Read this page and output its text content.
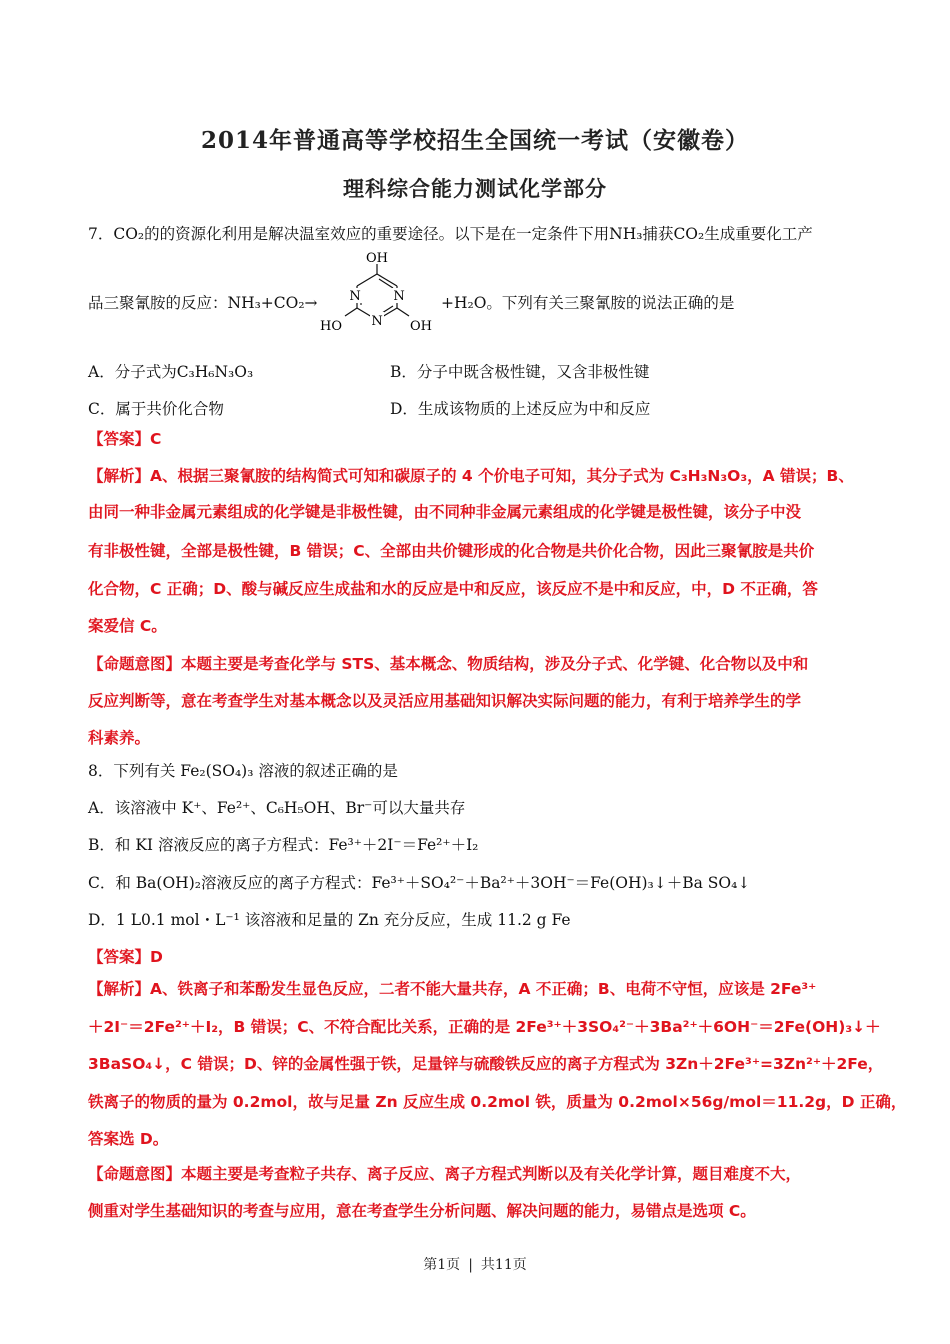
2014年普通高等学校招生全国统一考试（安徽卷）
理科综合能力测试化学部分
7．CO₂的的资源化利用是解决温室效应的重要途径。以下是在一定条件下用NH₃捕获CO₂生成重要化工产
品三聚氰胺的反应：NH₃+CO₂→ N	N
N
OH
HO	OH
+H₂O。下列有关三聚氰胺的说法正确的是
A．分子式为C₃H₆N₃O₃	B．分子中既含极性键，又含非极性键
C．属于共价化合物	D．生成该物质的上述反应为中和反应
【答案】C
【解析】A、根据三聚氰胺的结构简式可知和碳原子的 4 个价电子可知，其分子式为 C₃H₃N₃O₃，A 错误；B、
由同一种非金属元素组成的化学键是非极性键，由不同种非金属元素组成的化学键是极性键，该分子中没
有非极性键，全部是极性键，B 错误；C、全部由共价键形成的化合物是共价化合物，因此三聚氰胺是共价
化合物，C 正确；D、酸与碱反应生成盐和水的反应是中和反应，该反应不是中和反应，中，D 不正确，答
案爱信 C。
【命题意图】本题主要是考查化学与 STS、基本概念、物质结构，涉及分子式、化学键、化合物以及中和
反应判断等，意在考查学生对基本概念以及灵活应用基础知识解决实际问题的能力，有利于培养学生的学
科素养。
8．下列有关 Fe₂(SO₄)₃ 溶液的叙述正确的是
A．该溶液中 K⁺、Fe²⁺、C₆H₅OH、Br⁻可以大量共存
B．和 KI 溶液反应的离子方程式：Fe³⁺＋2I⁻＝Fe²⁺＋I₂
C．和 Ba(OH)₂溶液反应的离子方程式：Fe³⁺＋SO₄²⁻＋Ba²⁺＋3OH⁻＝Fe(OH)₃↓＋Ba SO₄↓
D．1 L0.1 mol・L⁻¹ 该溶液和足量的 Zn 充分反应，生成 11.2 g Fe
【答案】D
【解析】A、铁离子和苯酚发生显色反应，二者不能大量共存，A 不正确；B、电荷不守恒，应该是 2Fe³⁺
＋2I⁻＝2Fe²⁺＋I₂，B 错误；C、不符合配比关系，正确的是 2Fe³⁺＋3SO₄²⁻＋3Ba²⁺＋6OH⁻＝2Fe(OH)₃↓＋
3BaSO₄↓，C 错误；D、锌的金属性强于铁，足量锌与硫酸铁反应的离子方程式为 3Zn＋2Fe³⁺=3Zn²⁺＋2Fe，
铁离子的物质的量为 0.2mol，故与足量 Zn 反应生成 0.2mol 铁，质量为 0.2mol×56g/mol＝11.2g，D 正确，
答案选 D。
【命题意图】本题主要是考查粒子共存、离子反应、离子方程式判断以及有关化学计算，题目难度不大，
侧重对学生基础知识的考查与应用，意在考查学生分析问题、解决问题的能力，易错点是选项 C。
第1页 | 共11页
